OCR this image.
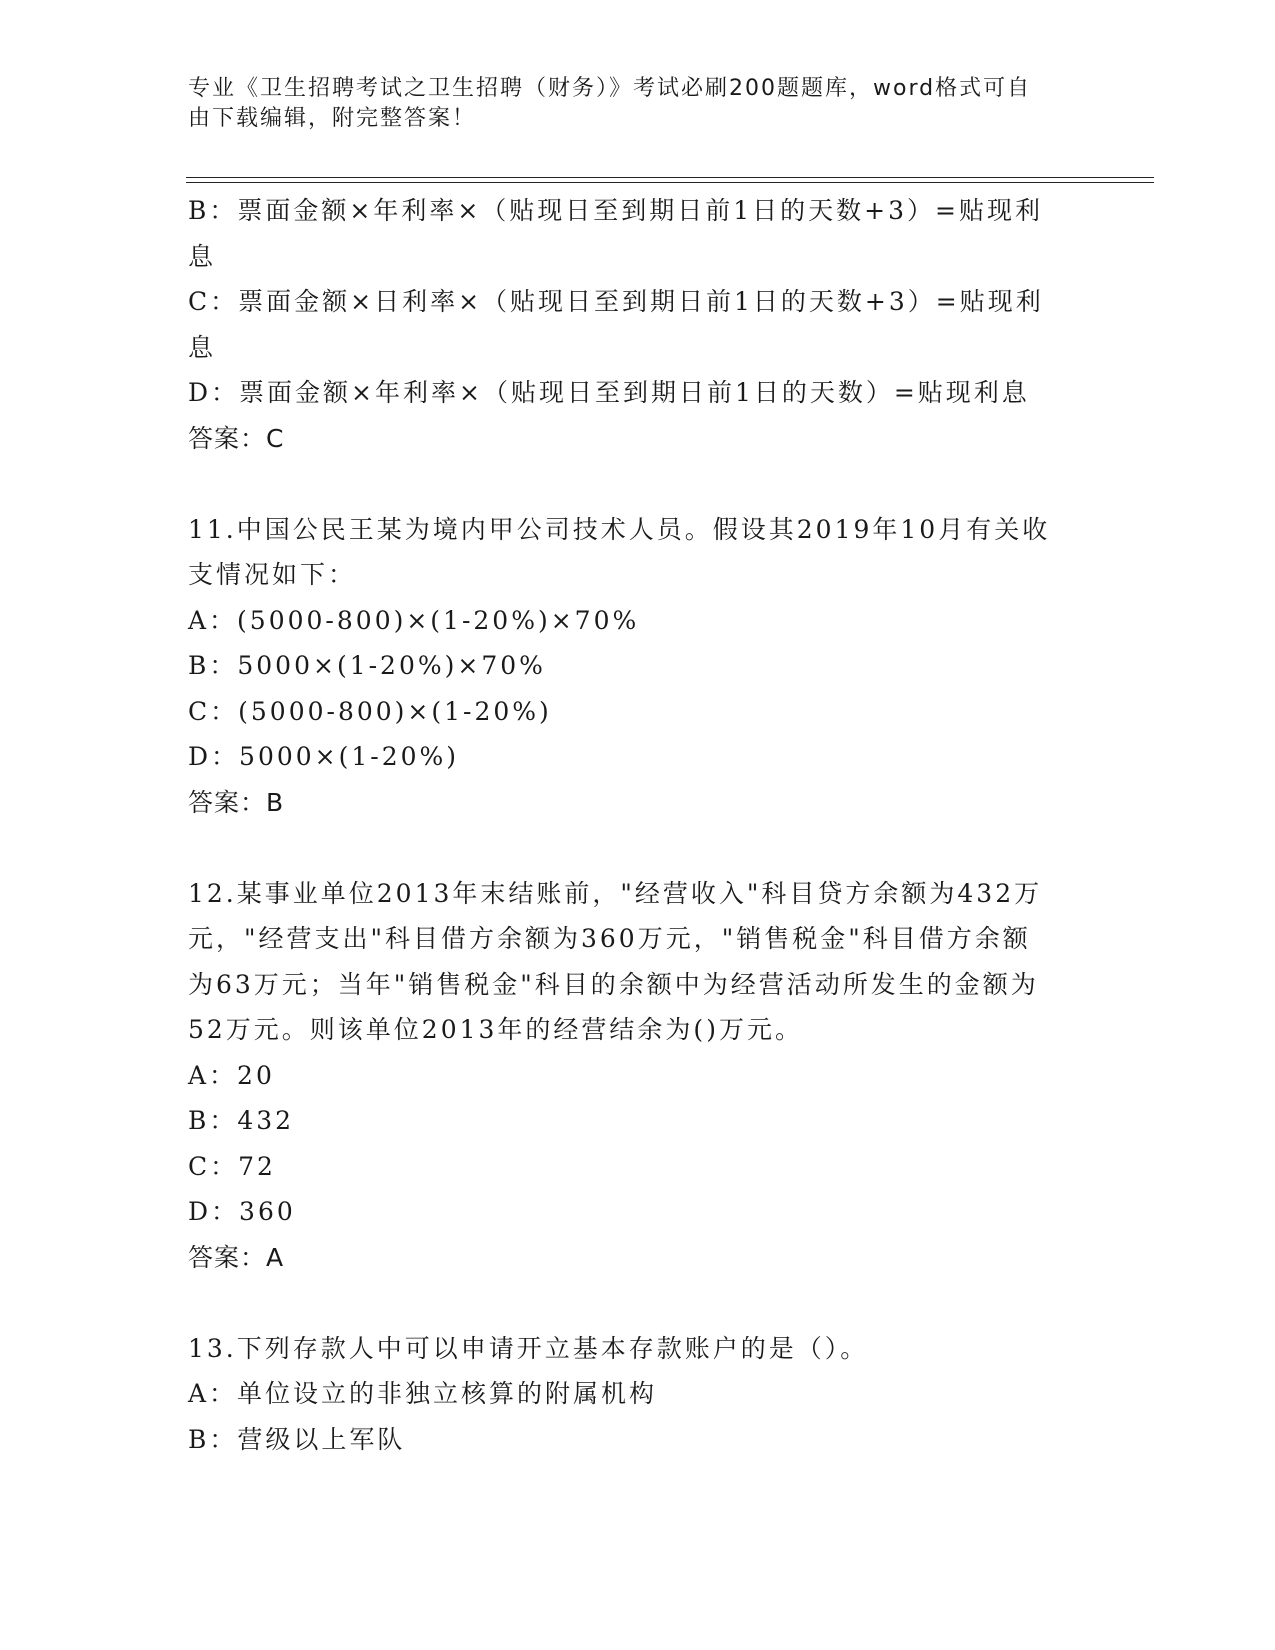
专业《卫生招聘考试之卫生招聘（财务）》考试必刷200题题库，word格式可自
由下载编辑，附完整答案！
B：票面金额×年利率×（贴现日至到期日前1日的天数+3）=贴现利
息
C：票面金额×日利率×（贴现日至到期日前1日的天数+3）=贴现利
息
D：票面金额×年利率×（贴现日至到期日前1日的天数）=贴现利息
答案：C
11.中国公民王某为境内甲公司技术人员。假设其2019年10月有关收
支情况如下：
A：(5000-800)×(1-20%)×70%
B：5000×(1-20%)×70%
C：(5000-800)×(1-20%)
D：5000×(1-20%)
答案：B
12.某事业单位2013年末结账前，"经营收入"科目贷方余额为432万
元，"经营支出"科目借方余额为360万元，"销售税金"科目借方余额
为63万元；当年"销售税金"科目的余额中为经营活动所发生的金额为
52万元。则该单位2013年的经营结余为()万元。
A：20
B：432
C：72
D：360
答案：A
13.下列存款人中可以申请开立基本存款账户的是（）。
A：单位设立的非独立核算的附属机构
B：营级以上军队
